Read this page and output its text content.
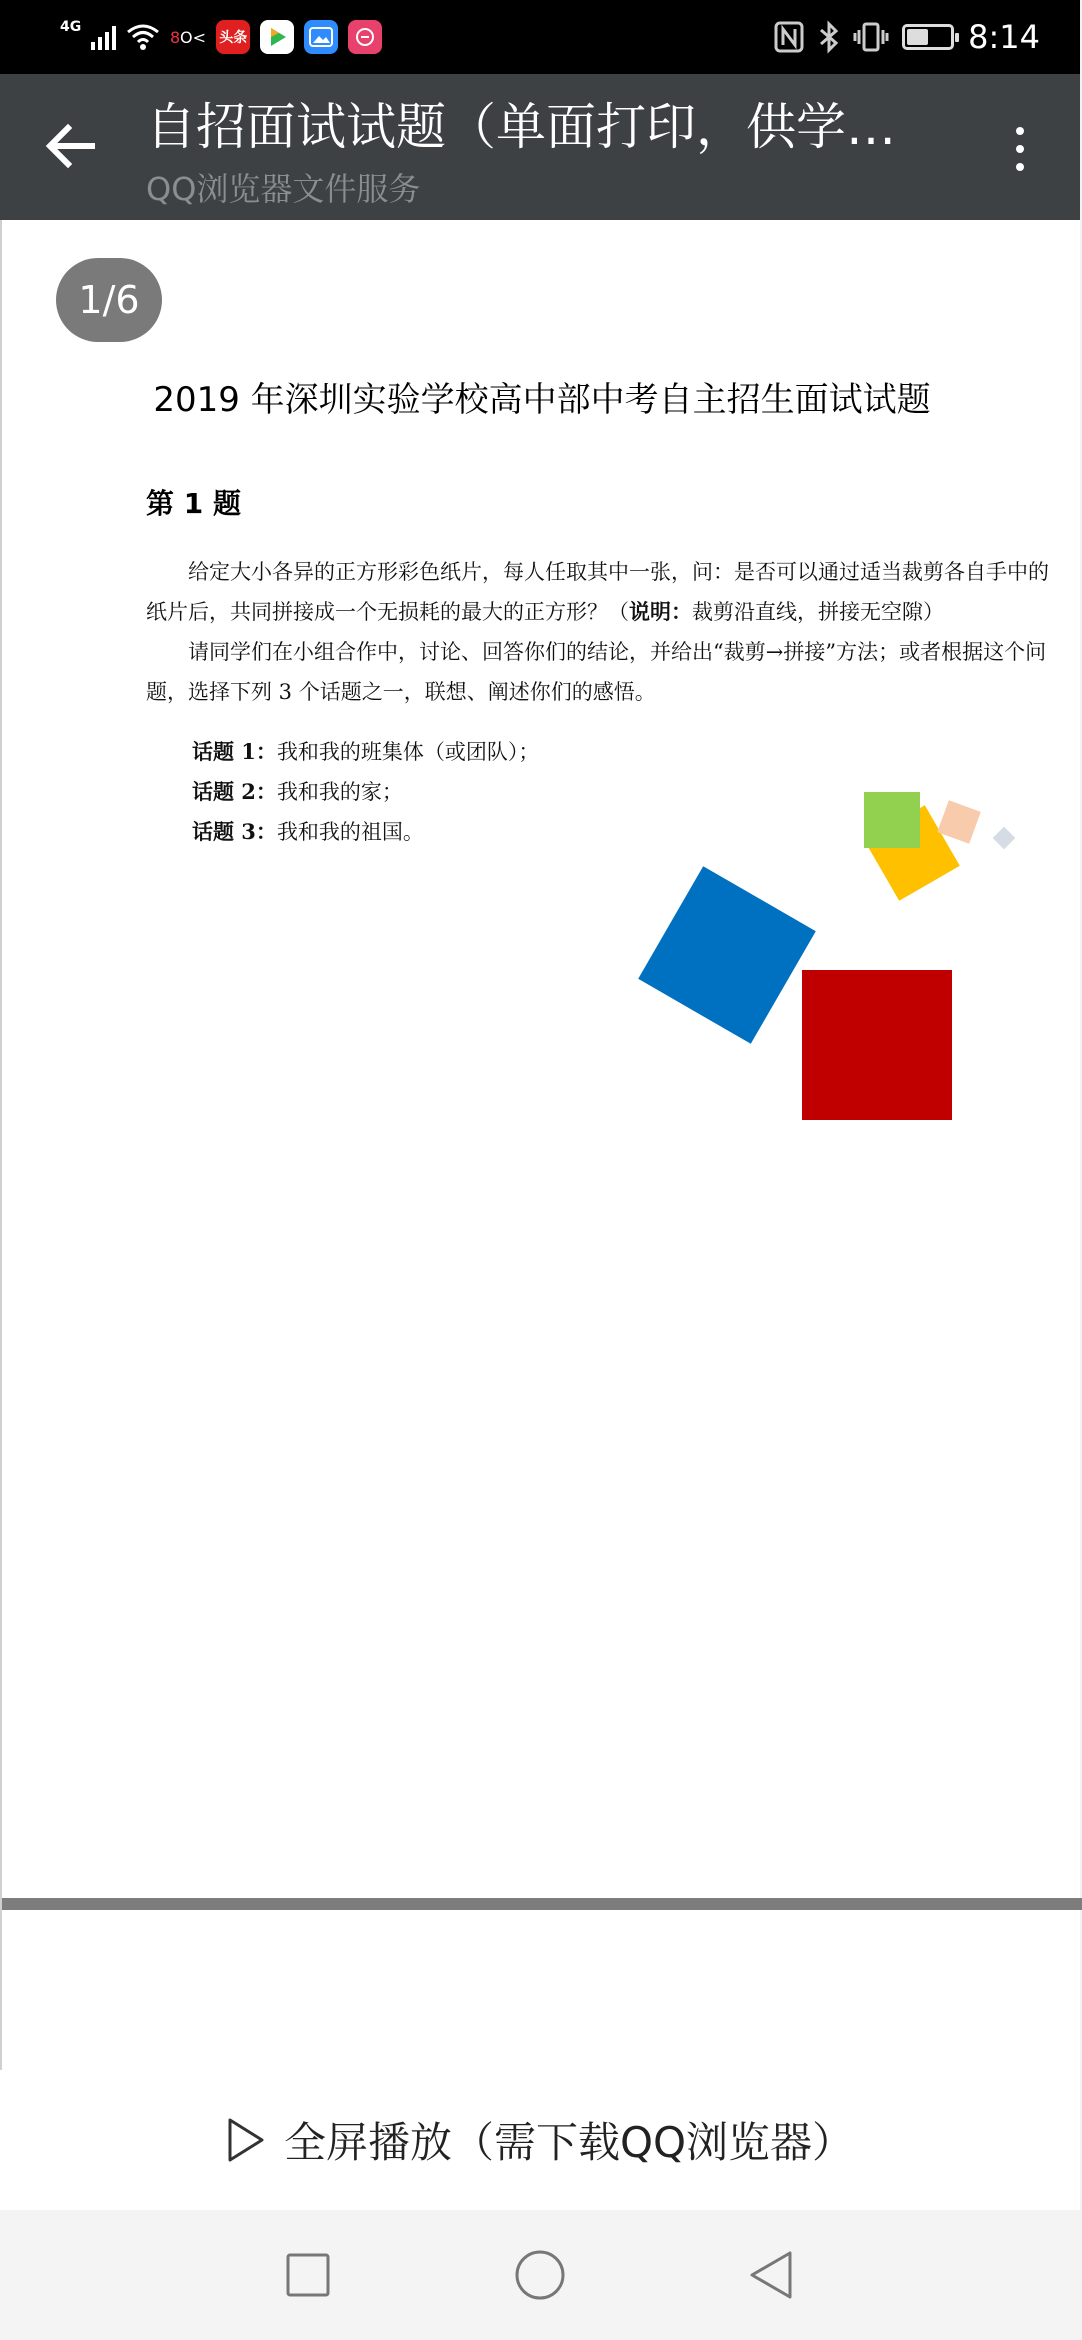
4G
8 O< 头条	8:14
自招面试试题（单面打印，供学…
QQ浏览器文件服务
1/6
2019 年深圳实验学校高中部中考自主招生面试试题
第 1 题
给定大小各异的正方形彩色纸片，每人任取其中一张，问：是否可以通过适当裁剪各自手中的纸片后，共同拼接成一个无损耗的最大的正方形？（说明：裁剪沿直线，拼接无空隙）
请同学们在小组合作中，讨论、回答你们的结论，并给出“裁剪→拼接”方法；或者根据这个问题，选择下列 3 个话题之一，联想、阐述你们的感悟。
话题 1：我和我的班集体（或团队）；
话题 2：我和我的家；
话题 3：我和我的祖国。
全屏播放（需下载QQ浏览器）
